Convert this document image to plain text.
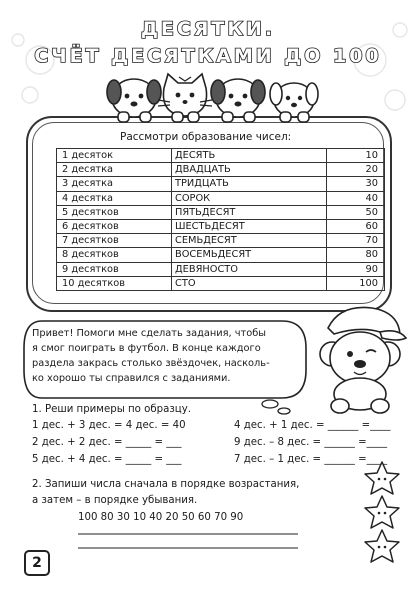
ДЕСЯТКИ.
СЧЁТ ДЕСЯТКАМИ ДО 100
Рассмотри образование чисел:
1 десяток	ДЕСЯТЬ	10
2 десятка	ДВАДЦАТЬ	20
3 десятка	ТРИДЦАТЬ	30
4 десятка	СОРОК	40
5 десятков	ПЯТЬДЕСЯТ	50
6 десятков	ШЕСТЬДЕСЯТ	60
7 десятков	СЕМЬДЕСЯТ	70
8 десятков	ВОСЕМЬДЕСЯТ	80
9 десятков	ДЕВЯНОСТО	90
10 десятков	СТО	100
Привет! Помоги мне сделать задания, чтобы
я смог поиграть в футбол. В конце каждого
раздела закрась столько звёздочек, насколь-
ко хорошо ты справился с заданиями.
1. Реши примеры по образцу.
1 дес. + 3 дес. = 4 дес. = 40
2 дес. + 2 дес. = _____ = ___
5 дес. + 4 дес. = _____ = ___
4 дес. + 1 дес. = ______ =____
9 дес. – 8 дес. = ______ =____
7 дес. – 1 дес. = ______ =____
2. Запиши числа сначала в порядке возрастания,
а затем – в порядке убывания.
100 80 30 10 40 20 50 60 70 90
2
